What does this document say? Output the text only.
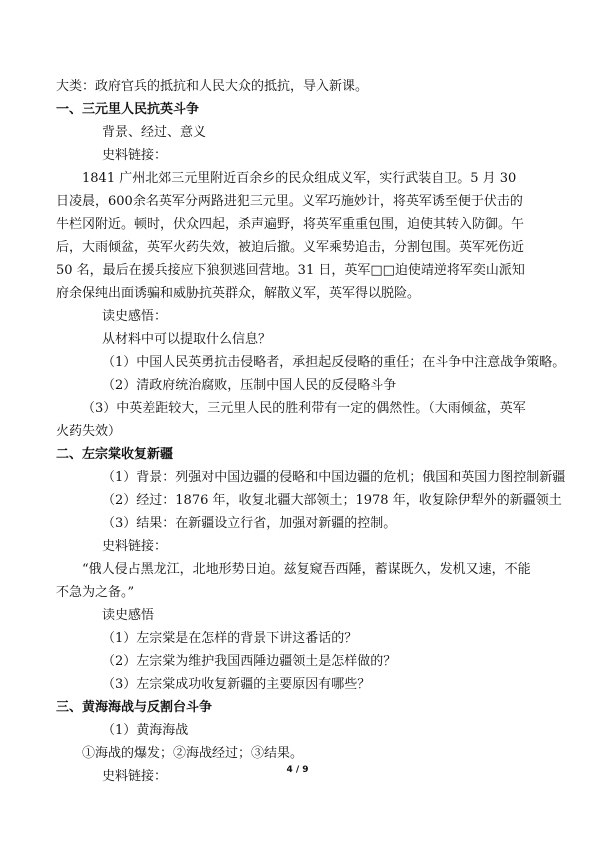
大类：政府官兵的抵抗和人民大众的抵抗，导入新课。

一、三元里人民抗英斗争

背景、经过、意义

史料链接：

1841 广州北郊三元里附近百余乡的民众组成义军，实行武装自卫。5 月 30 日凌晨，600余名英军分两路进犯三元里。义军巧施妙计，将英军诱至便于伏击的牛栏冈附近。顿时，伏众四起，杀声遍野，将英军重重包围，迫使其转入防御。午后，大雨倾盆，英军火药失效，被迫后撤。义军乘势追击，分割包围。英军死伤近 50 名，最后在援兵接应下狼狈逃回营地。31 日，英军□□迫使靖逆将军奕山派知府余保纯出面诱骗和威胁抗英群众，解散义军，英军得以脱险。

读史感悟：

从材料中可以提取什么信息？

（1）中国人民英勇抗击侵略者，承担起反侵略的重任；在斗争中注意战争策略。

（2）清政府统治腐败，压制中国人民的反侵略斗争

（3）中英差距较大，三元里人民的胜利带有一定的偶然性。（大雨倾盆，英军火药失效）

二、左宗棠收复新疆

（1）背景：列强对中国边疆的侵略和中国边疆的危机；俄国和英国力图控制新疆

（2）经过：1876 年，收复北疆大部领土；1978 年，收复除伊犁外的新疆领土

（3）结果：在新疆设立行省，加强对新疆的控制。

史料链接：

“俄人侵占黑龙江，北地形势日迫。兹复窥吾西陲，蓄谋既久，发机又速，不能不急为之备。”

读史感悟

（1）左宗棠是在怎样的背景下讲这番话的？

（2）左宗棠为维护我国西陲边疆领土是怎样做的？

（3）左宗棠成功收复新疆的主要原因有哪些？

三、黄海海战与反割台斗争

（1）黄海海战

①海战的爆发；②海战经过；③结果。

史料链接：	4 / 9
